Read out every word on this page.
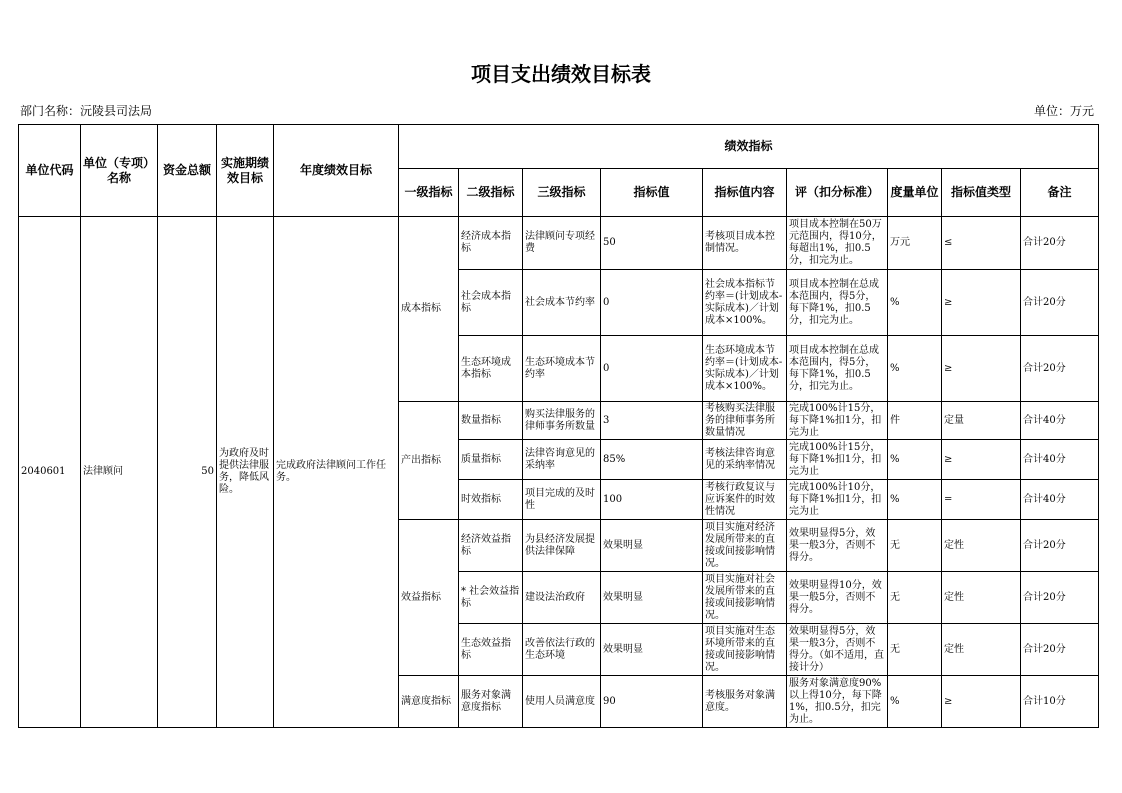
项目支出绩效目标表
部门名称：沅陵县司法局	单位：万元
单位代码	单位（专项）名称	资金总额	实施期绩效目标	年度绩效目标	绩效指标								
					一级指标	二级指标	三级指标	指标值	指标值内容	评（扣分标准）	度量单位	指标值类型	备注
2040601	法律顾问	50	为政府及时提供法律服务，降低风险。	完成政府法律顾问工作任务。	成本指标	经济成本指标	法律顾问专项经费	50	考核项目成本控制情况。	项目成本控制在50万元范围内，得10分，每超出1%，扣0.5分，扣完为止。	万元	≤	合计20分
						社会成本指标	社会成本节约率	0	社会成本指标节约率＝(计划成本-实际成本)／计划成本×100%。	项目成本控制在总成本范围内，得5分，每下降1%，扣0.5分，扣完为止。	%	≥	合计20分
						生态环境成本指标	生态环境成本节约率	0	生态环境成本节约率＝(计划成本-实际成本)／计划成本×100%。	项目成本控制在总成本范围内，得5分，每下降1%，扣0.5分，扣完为止。	%	≥	合计20分
					产出指标	数量指标	购买法律服务的律师事务所数量	3	考核购买法律服务的律师事务所数量情况	完成100%计15分，每下降1%扣1分，扣完为止	件	定量	合计40分
						质量指标	法律咨询意见的采纳率	85%	考核法律咨询意见的采纳率情况	完成100%计15分，每下降1%扣1分，扣完为止	%	≥	合计40分
						时效指标	项目完成的及时性	100	考核行政复议与应诉案件的时效性情况	完成100%计10分，每下降1%扣1分，扣完为止	%	=	合计40分
					效益指标	经济效益指标	为县经济发展提供法律保障	效果明显	项目实施对经济发展所带来的直接或间接影响情况。	效果明显得5分，效果一般3分，否则不得分。	无	定性	合计20分
						* 社会效益指标	建设法治政府	效果明显	项目实施对社会发展所带来的直接或间接影响情况。	效果明显得10分，效果一般5分，否则不得分。	无	定性	合计20分
						生态效益指标	改善依法行政的生态环境	效果明显	项目实施对生态环境所带来的直接或间接影响情况。	效果明显得5分，效果一般3分，否则不得分。（如不适用，直接计分）	无	定性	合计20分
					满意度指标	服务对象满意度指标	使用人员满意度	90	考核服务对象满意度。	服务对象满意度90%以上得10分，每下降1%，扣0.5分，扣完为止。	%	≥	合计10分
